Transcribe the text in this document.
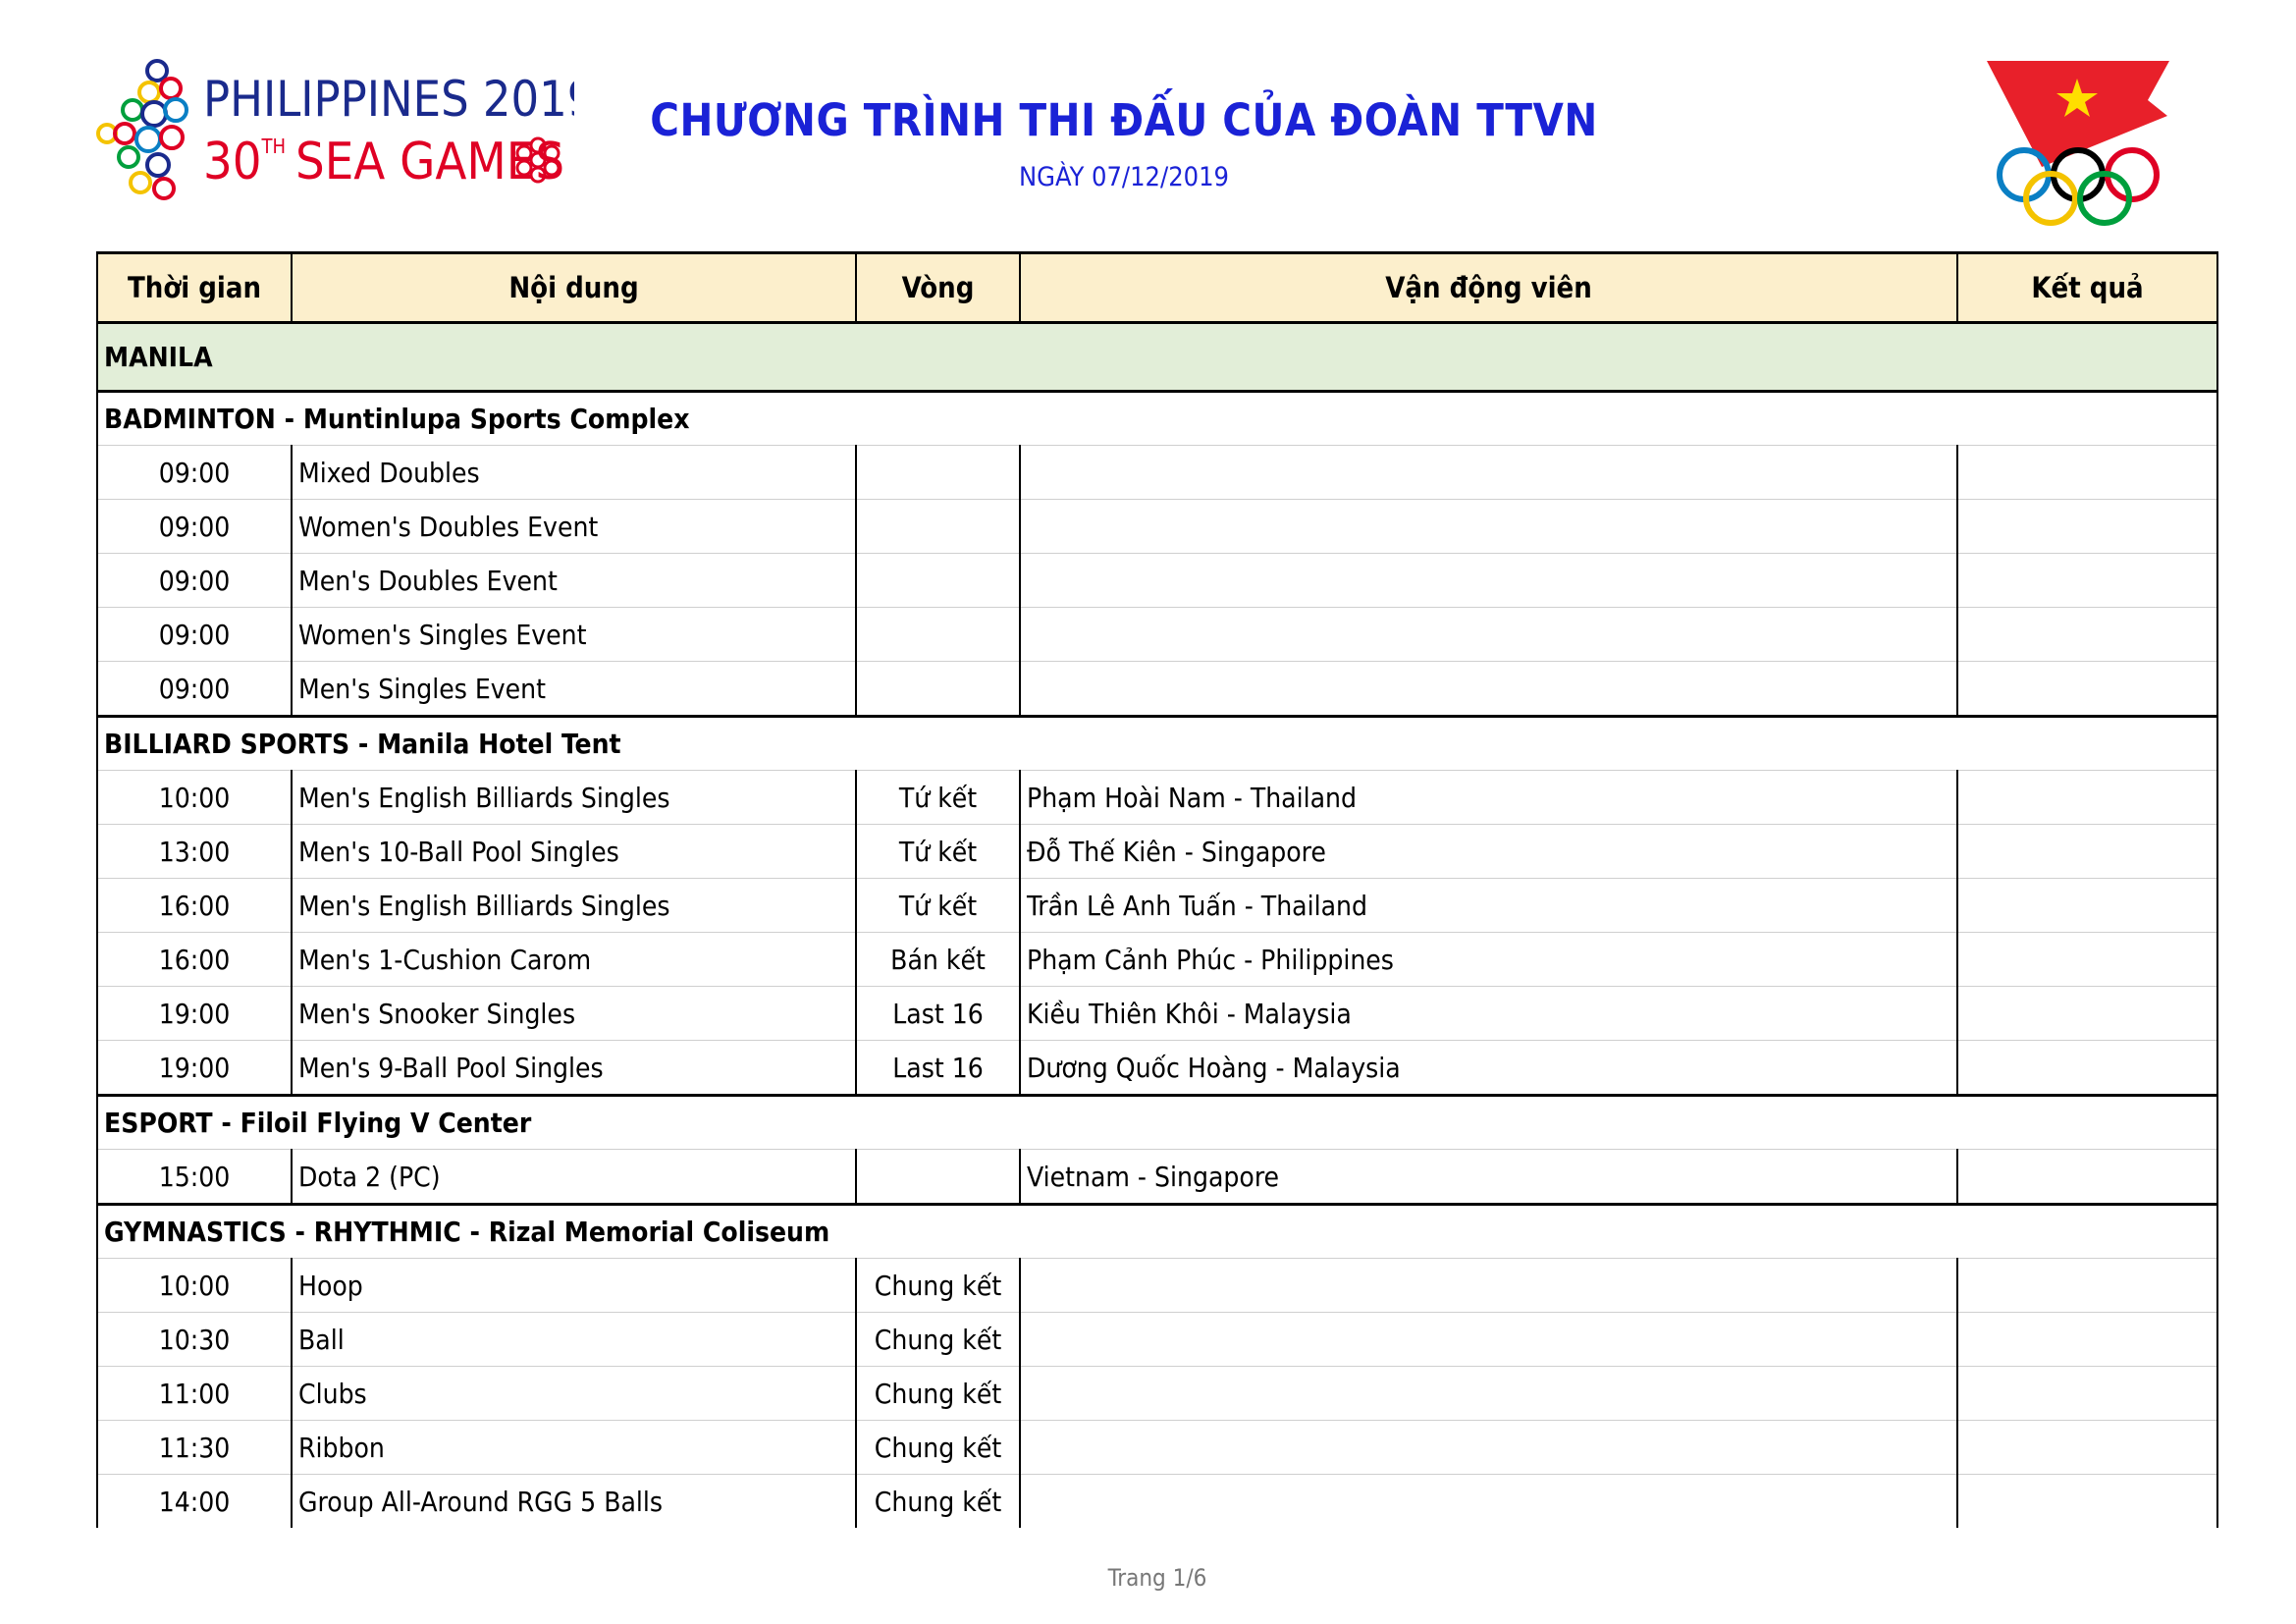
PHILIPPINES 2019
30TH SEA GAMES
CHƯƠNG TRÌNH THI ĐẤU CỦA ĐOÀN TTVN
NGÀY 07/12/2019
Thời gian	Nội dung	Vòng	Vận động viên	Kết quả
MANILA				
BADMINTON - Muntinlupa Sports Complex				
09:00	Mixed Doubles			
09:00	Women's Doubles Event			
09:00	Men's Doubles Event			
09:00	Women's Singles Event			
09:00	Men's Singles Event			
BILLIARD SPORTS - Manila Hotel Tent				
10:00	Men's English Billiards Singles	Tứ kết	Phạm Hoài Nam - Thailand	
13:00	Men's 10-Ball Pool Singles	Tứ kết	Đỗ Thế Kiên - Singapore	
16:00	Men's English Billiards Singles	Tứ kết	Trần Lê Anh Tuấn - Thailand	
16:00	Men's 1-Cushion Carom	Bán kết	Phạm Cảnh Phúc - Philippines	
19:00	Men's Snooker Singles	Last 16	Kiều Thiên Khôi - Malaysia	
19:00	Men's 9-Ball Pool Singles	Last 16	Dương Quốc Hoàng - Malaysia	
ESPORT - Filoil Flying V Center				
15:00	Dota 2 (PC)		Vietnam - Singapore	
GYMNASTICS - RHYTHMIC - Rizal Memorial Coliseum				
10:00	Hoop	Chung kết		
10:30	Ball	Chung kết		
11:00	Clubs	Chung kết		
11:30	Ribbon	Chung kết		
14:00	Group All-Around RGG 5 Balls	Chung kết		
Trang 1/6
